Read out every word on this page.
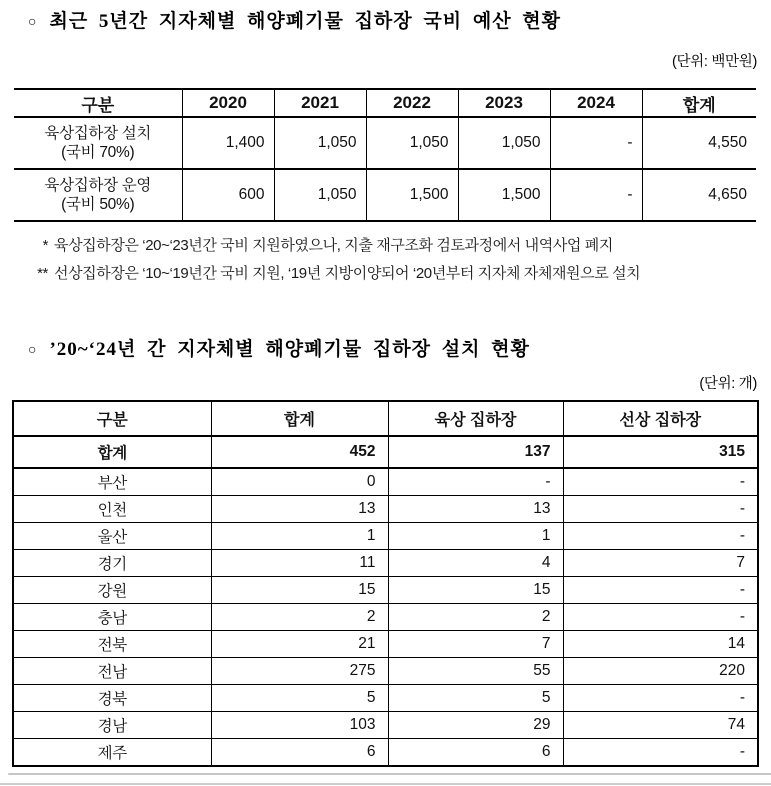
○ 최근 5년간 지자체별 해양폐기물 집하장 국비 예산 현황
(단위: 백만원)
구분	2020	2021	2022	2023	2024	합계

육상집하장 설치
(국비 70%)	1,400	1,050	1,050	1,050	-	4,550

육상집하장 운영
(국비 50%)	600	1,050	1,500	1,500	-	4,650
* 육상집하장은 ‘20~‘23년간 국비 지원하였으나, 지출 재구조화 검토과정에서 내역사업 폐지
** 선상집하장은 ‘10~‘19년간 국비 지원, ‘19년 지방이양되어 ‘20년부터 지자체 자체재원으로 설치
○ ’20~‘24년 간 지자체별 해양폐기물 집하장 설치 현황
(단위: 개)
구분	합계	육상 집하장	선상 집하장
합계	452	137	315
부산	0	-	-
인천	13	13	-
울산	1	1	-
경기	11	4	7
강원	15	15	-
충남	2	2	-
전북	21	7	14
전남	275	55	220
경북	5	5	-
경남	103	29	74
제주	6	6	-
